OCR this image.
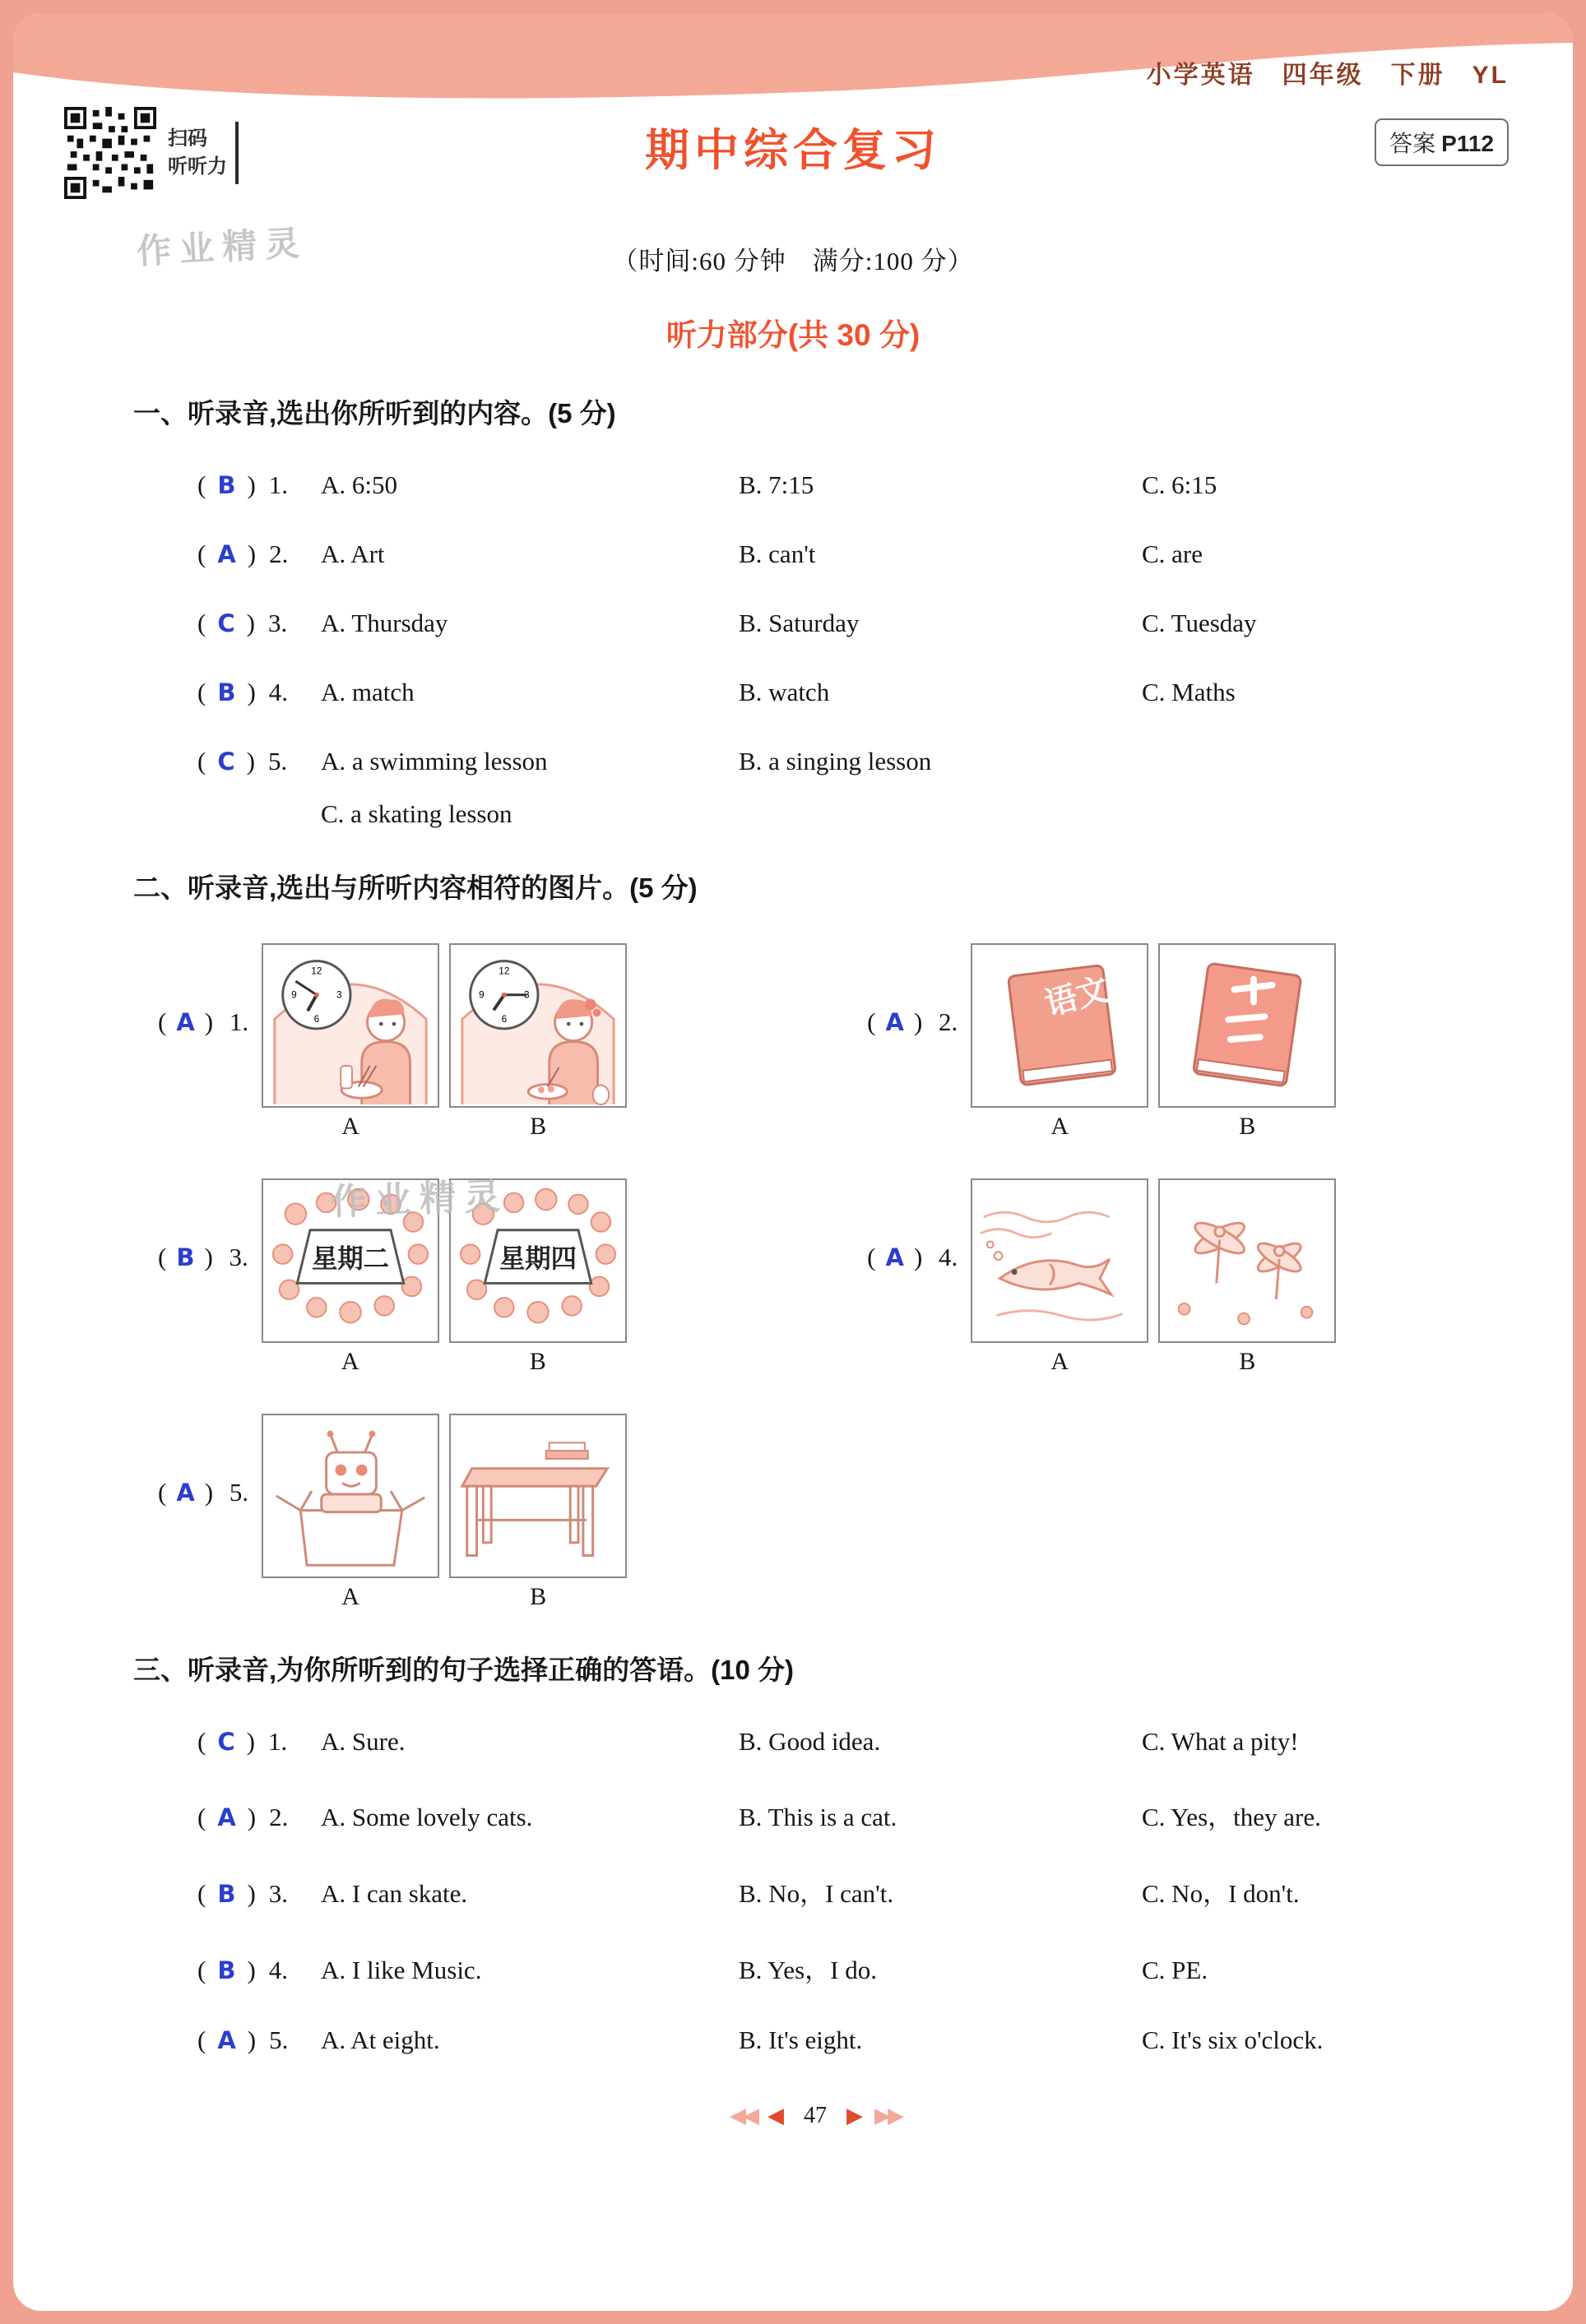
小学英语　四年级　下册　YL
扫码
听听力	期中综合复习	答案 P112
作业精灵	（时间:60 分钟　满分:100 分）
听力部分(共 30 分)
一、听录音,选出你所听到的内容。(5 分)
( B ) 1. A. 6:50	B. 7:15	C. 6:15
( A ) 2. A. Art	B. can't	C. are
( C ) 3. A. Thursday	B. Saturday	C. Tuesday
( B ) 4. A. match	B. watch	C. Maths
( C ) 5. A. a swimming lesson	B. a singing lesson
C. a skating lesson
二、听录音,选出与所听内容相符的图片。(5 分)
作业精灵
( A ) 1.
12
3
6
9
A
12
3
6
9
B
( A ) 2.	语文
A	B
( B ) 3. 星期二
A
星期四
B
( A ) 4.
A	B
( A ) 5.
A	B
三、听录音,为你所听到的句子选择正确的答语。(10 分)
( C ) 1. A. Sure.	B. Good idea.	C. What a pity!
( A ) 2. A. Some lovely cats.	B. This is a cat.	C. Yes，they are.
( B ) 3. A. I can skate.	B. No，I can't.	C. No，I don't.
( B ) 4. A. I like Music.	B. Yes，I do.	C. PE.
( A ) 5. A. At eight.	B. It's eight.	C. It's six o'clock.
◀◀ ◀ 47 ▶ ▶▶
